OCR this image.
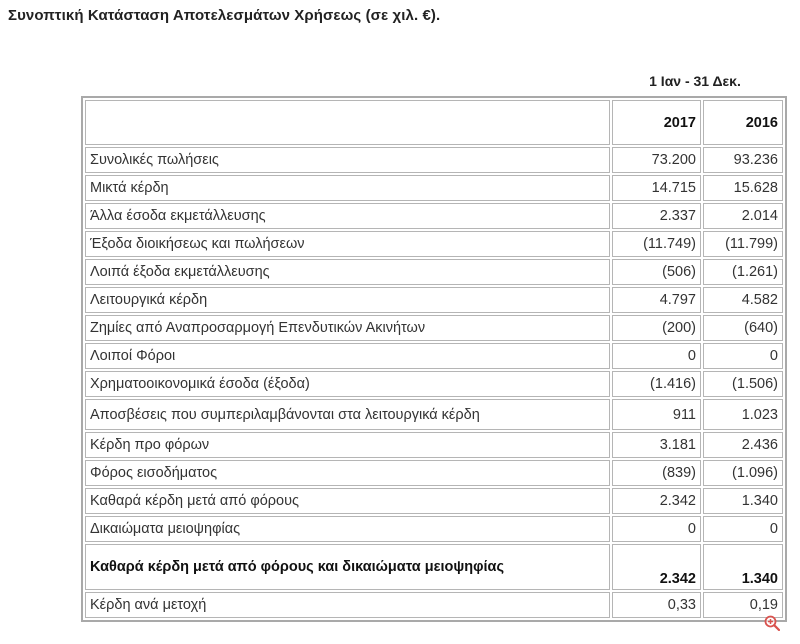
Συνοπτική Κατάσταση Αποτελεσμάτων Χρήσεως (σε χιλ. €).
1 Ιαν - 31 Δεκ.
	2017	2016
Συνολικές πωλήσεις	73.200	93.236
Μικτά κέρδη	14.715	15.628
Άλλα έσοδα εκμετάλλευσης	2.337	2.014
Έξοδα διοικήσεως και πωλήσεων	(11.749)	(11.799)
Λοιπά έξοδα εκμετάλλευσης	(506)	(1.261)
Λειτουργικά κέρδη	4.797	4.582
Ζημίες από Αναπροσαρμογή Επενδυτικών Ακινήτων	(200)	(640)
Λοιποί Φόροι	0	0
Χρηματοοικονομικά έσοδα (έξοδα)	(1.416)	(1.506)
Αποσβέσεις που συμπεριλαμβάνονται στα λειτουργικά κέρδη	911	1.023
Κέρδη προ φόρων	3.181	2.436
Φόρος εισοδήματος	(839)	(1.096)
Καθαρά κέρδη μετά από φόρους	2.342	1.340
Δικαιώματα μειοψηφίας	0	0
Καθαρά κέρδη μετά από φόρους και δικαιώματα μειοψηφίας	2.342	1.340
Κέρδη ανά μετοχή	0,33	0,19
